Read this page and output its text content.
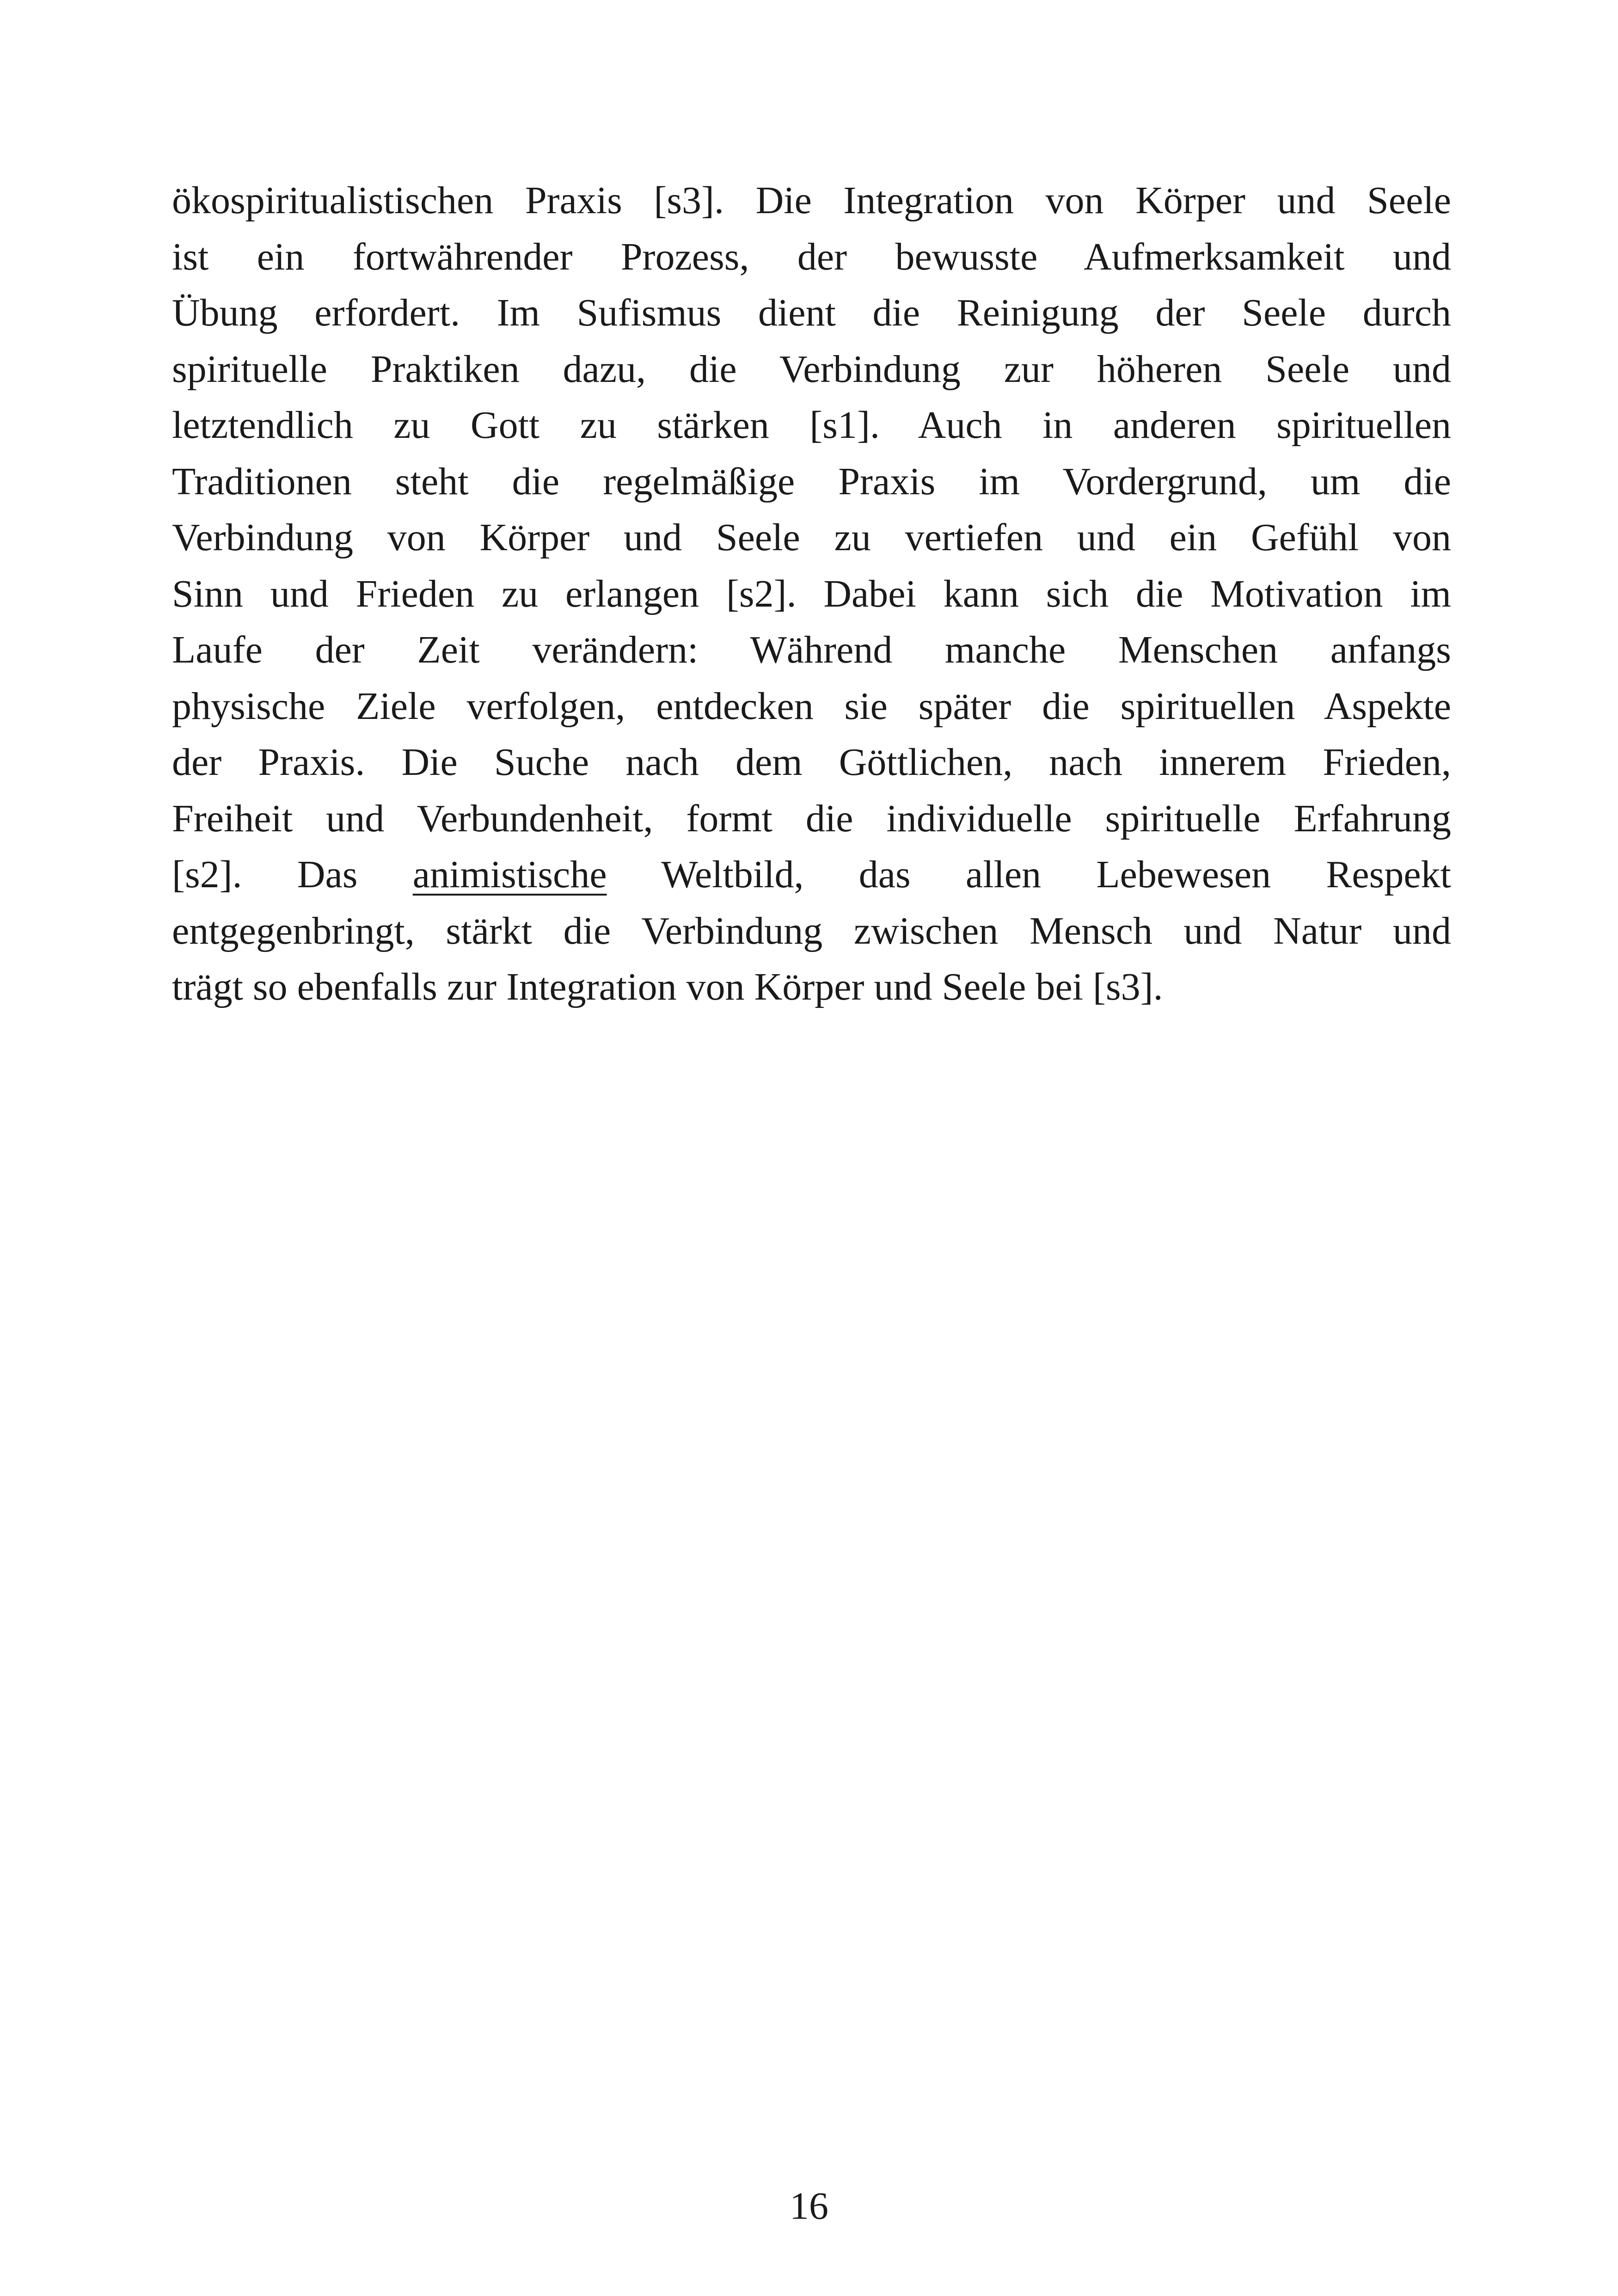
ökospiritualistischen Praxis [s3]. Die Integration von Körper und Seele
ist ein fortwährender Prozess, der bewusste Aufmerksamkeit und
Übung erfordert. Im Sufismus dient die Reinigung der Seele durch
spirituelle Praktiken dazu, die Verbindung zur höheren Seele und
letztendlich zu Gott zu stärken [s1]. Auch in anderen spirituellen
Traditionen steht die regelmäßige Praxis im Vordergrund, um die
Verbindung von Körper und Seele zu vertiefen und ein Gefühl von
Sinn und Frieden zu erlangen [s2]. Dabei kann sich die Motivation im
Laufe der Zeit verändern: Während manche Menschen anfangs
physische Ziele verfolgen, entdecken sie später die spirituellen Aspekte
der Praxis. Die Suche nach dem Göttlichen, nach innerem Frieden,
Freiheit und Verbundenheit, formt die individuelle spirituelle Erfahrung
[s2]. Das animistische Weltbild, das allen Lebewesen Respekt
entgegenbringt, stärkt die Verbindung zwischen Mensch und Natur und
trägt so ebenfalls zur Integration von Körper und Seele bei [s3].
16
